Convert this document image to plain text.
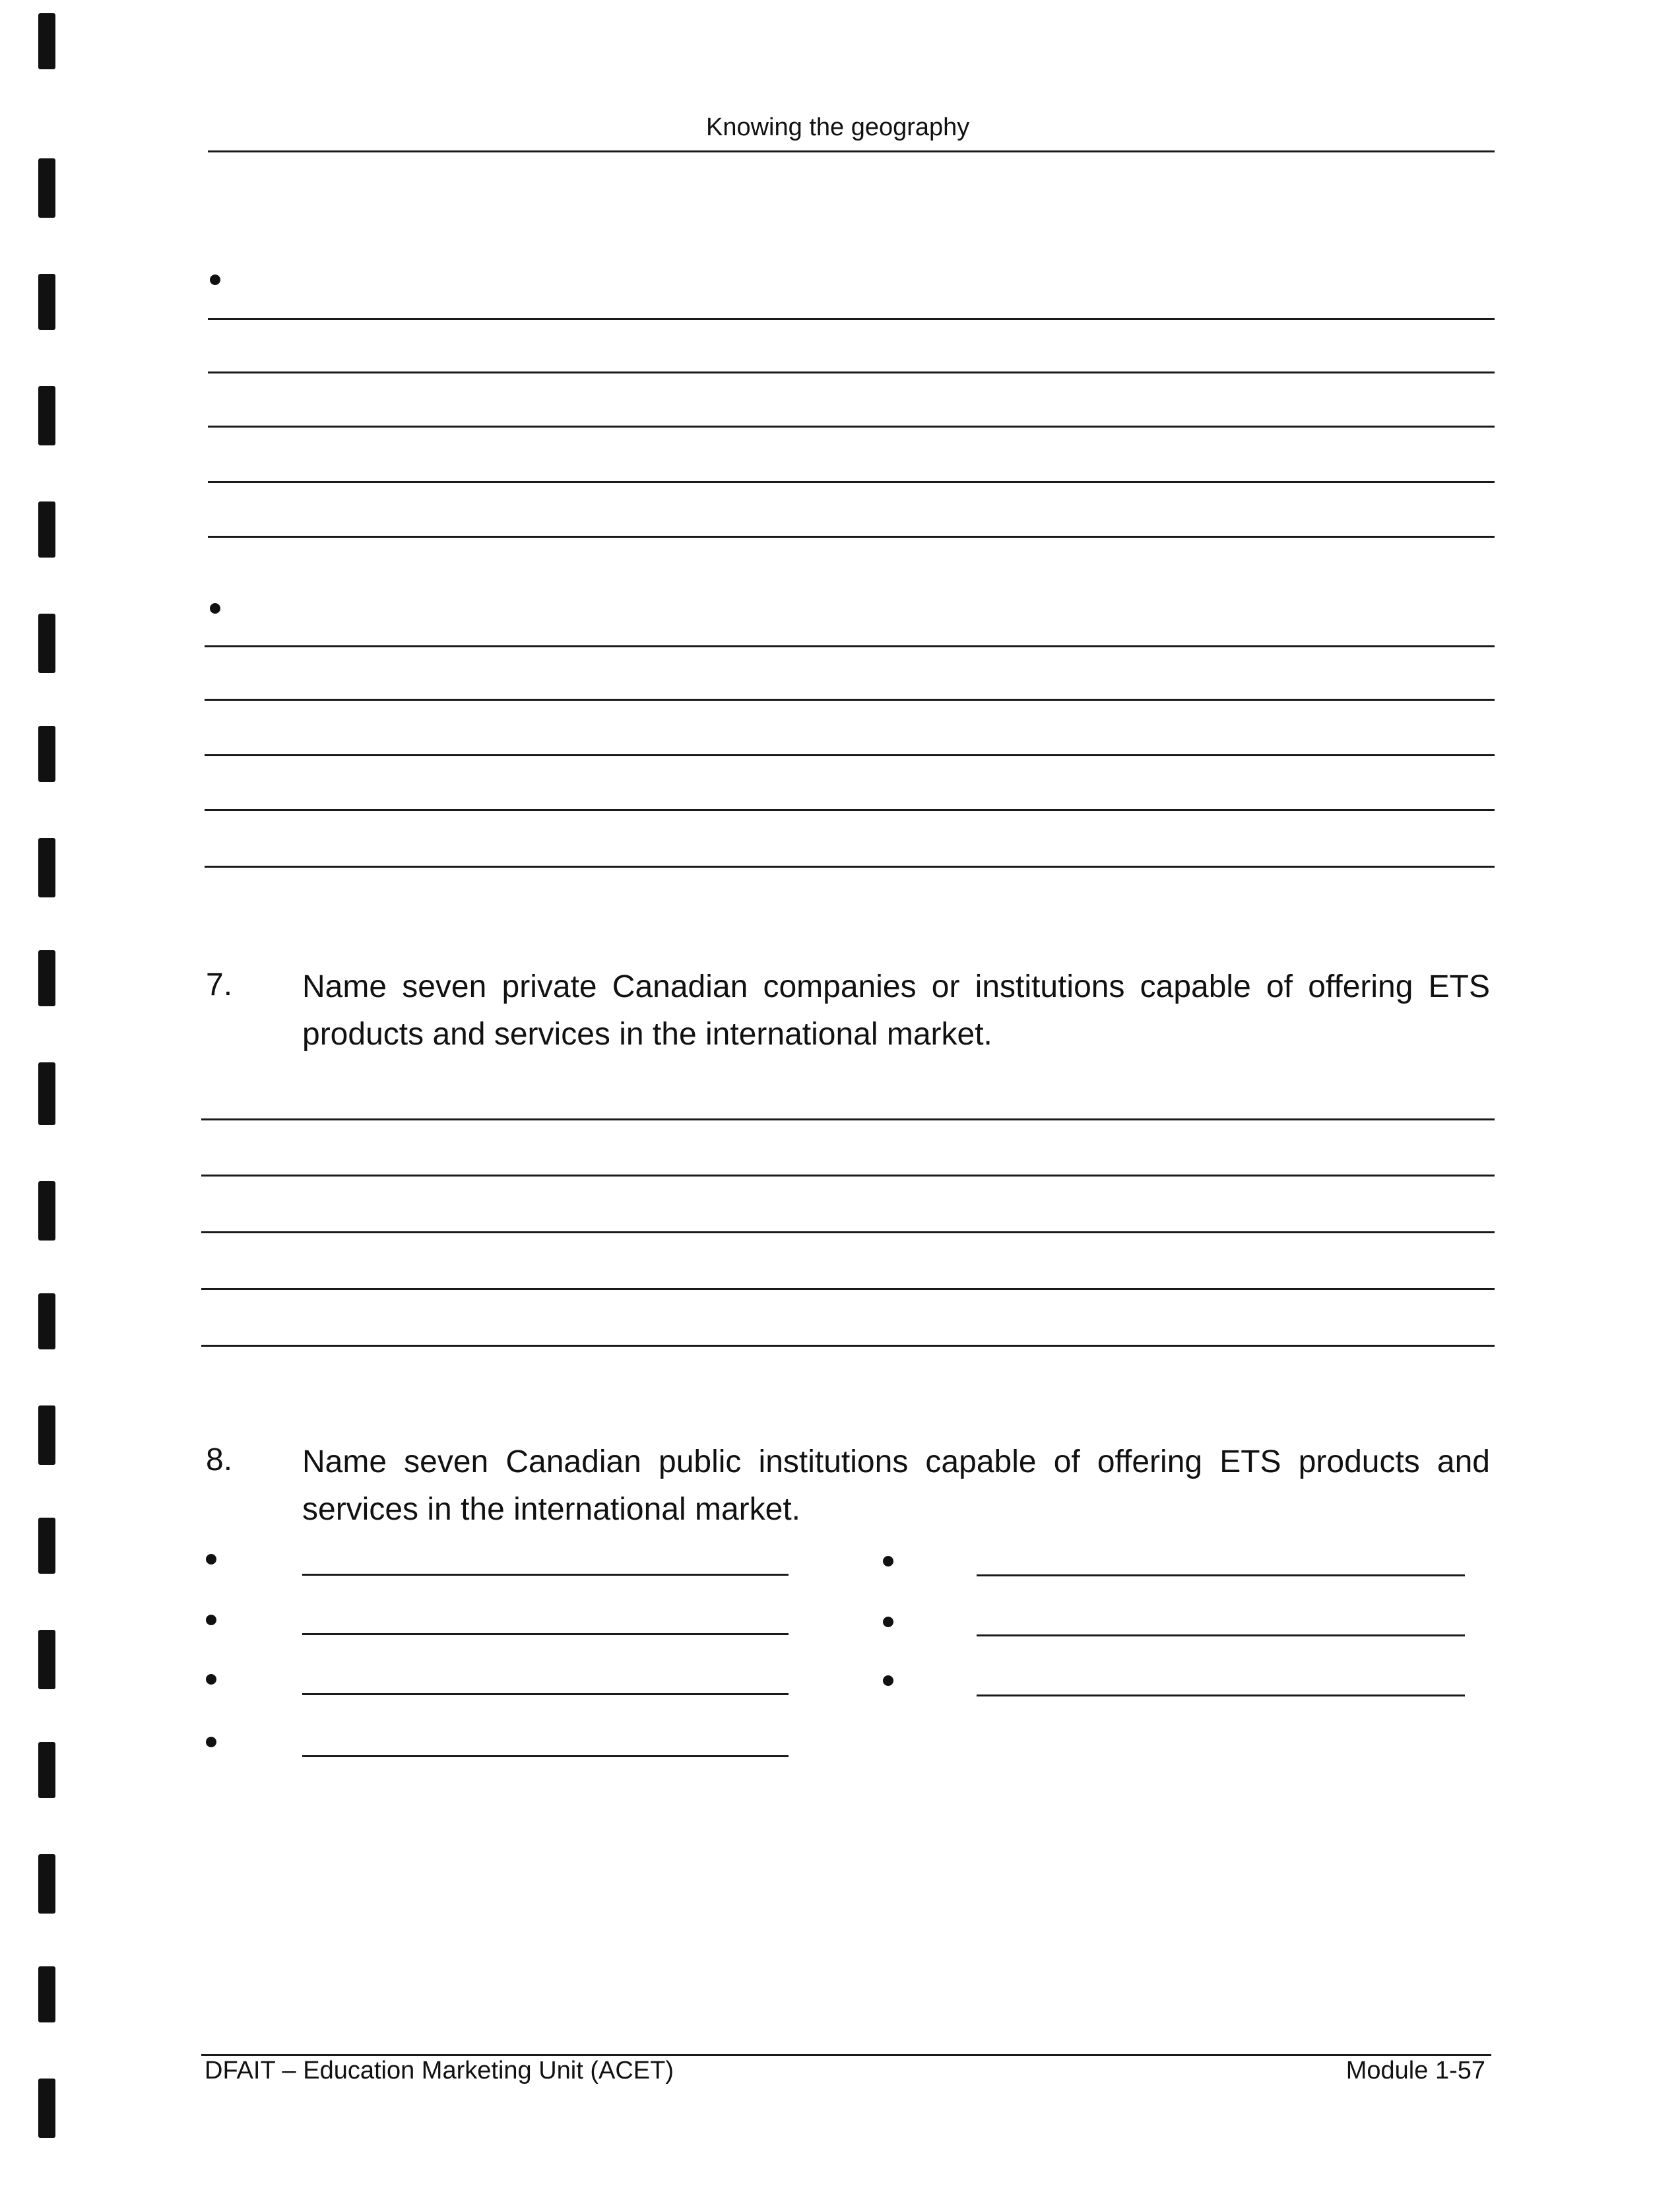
Knowing the geography
7. Name seven private Canadian companies or institutions capable of offering ETS products and services in the international market.
8. Name seven Canadian public institutions capable of offering ETS products and services in the international market.
DFAIT – Education Marketing Unit (ACET)	Module 1-57
